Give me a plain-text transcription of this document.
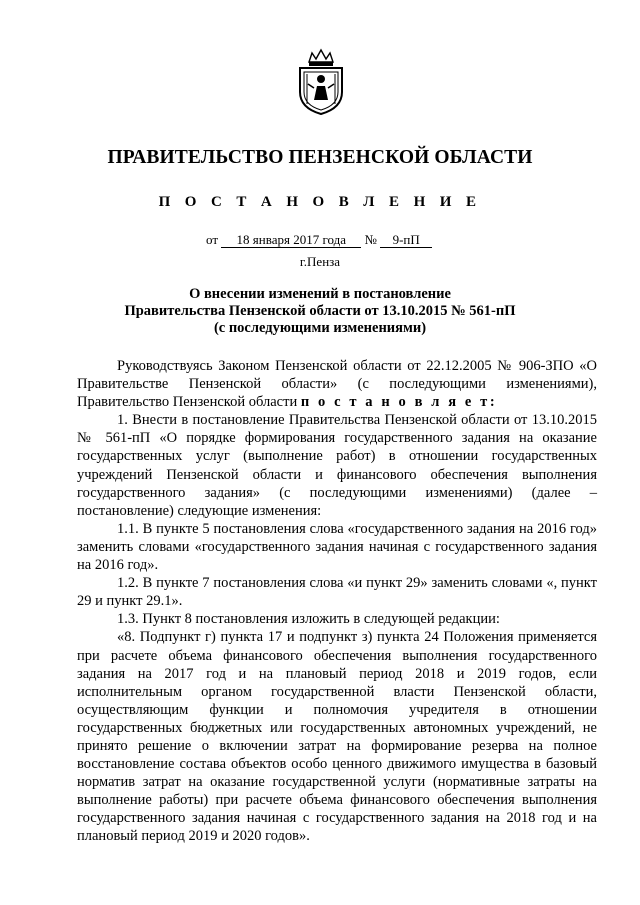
ПРАВИТЕЛЬСТВО ПЕНЗЕНСКОЙ ОБЛАСТИ
П О С Т А Н О В Л Е Н И Е
от 18 января 2017 года № 9-пП
г.Пенза
О внесении изменений в постановление
Правительства Пензенской области от 13.10.2015 № 561-пП
(с последующими изменениями)

Руководствуясь Законом Пензенской области от 22.12.2005 № 906-ЗПО «О Правительстве Пензенской области» (с последующими изменениями), Правительство Пензенской области п о с т а н о в л я е т:

1. Внести в постановление Правительства Пензенской области от 13.10.2015 № 561-пП «О порядке формирования государственного задания на оказание государственных услуг (выполнение работ) в отношении государственных учреждений Пензенской области и финансового обеспечения выполнения государственного задания» (с последующими изменениями) (далее – постановление) следующие изменения:

1.1. В пункте 5 постановления слова «государственного задания на 2016 год» заменить словами «государственного задания начиная с государственного задания на 2016 год».

1.2. В пункте 7 постановления слова «и пункт 29» заменить словами «, пункт 29 и пункт 29.1».

1.3. Пункт 8 постановления изложить в следующей редакции:

«8. Подпункт г) пункта 17 и подпункт з) пункта 24 Положения применяется при расчете объема финансового обеспечения выполнения государственного задания на 2017 год и на плановый период 2018 и 2019 годов, если исполнительным органом государственной власти Пензенской области, осуществляющим функции и полномочия учредителя в отношении государственных бюджетных или государственных автономных учреждений, не принято решение о включении затрат на формирование резерва на полное восстановление состава объектов особо ценного движимого имущества в базовый норматив затрат на оказание государственной услуги (нормативные затраты на выполнение работы) при расчете объема финансового обеспечения выполнения государственного задания начиная с государственного задания на 2018 год и на плановый период 2019 и 2020 годов».
